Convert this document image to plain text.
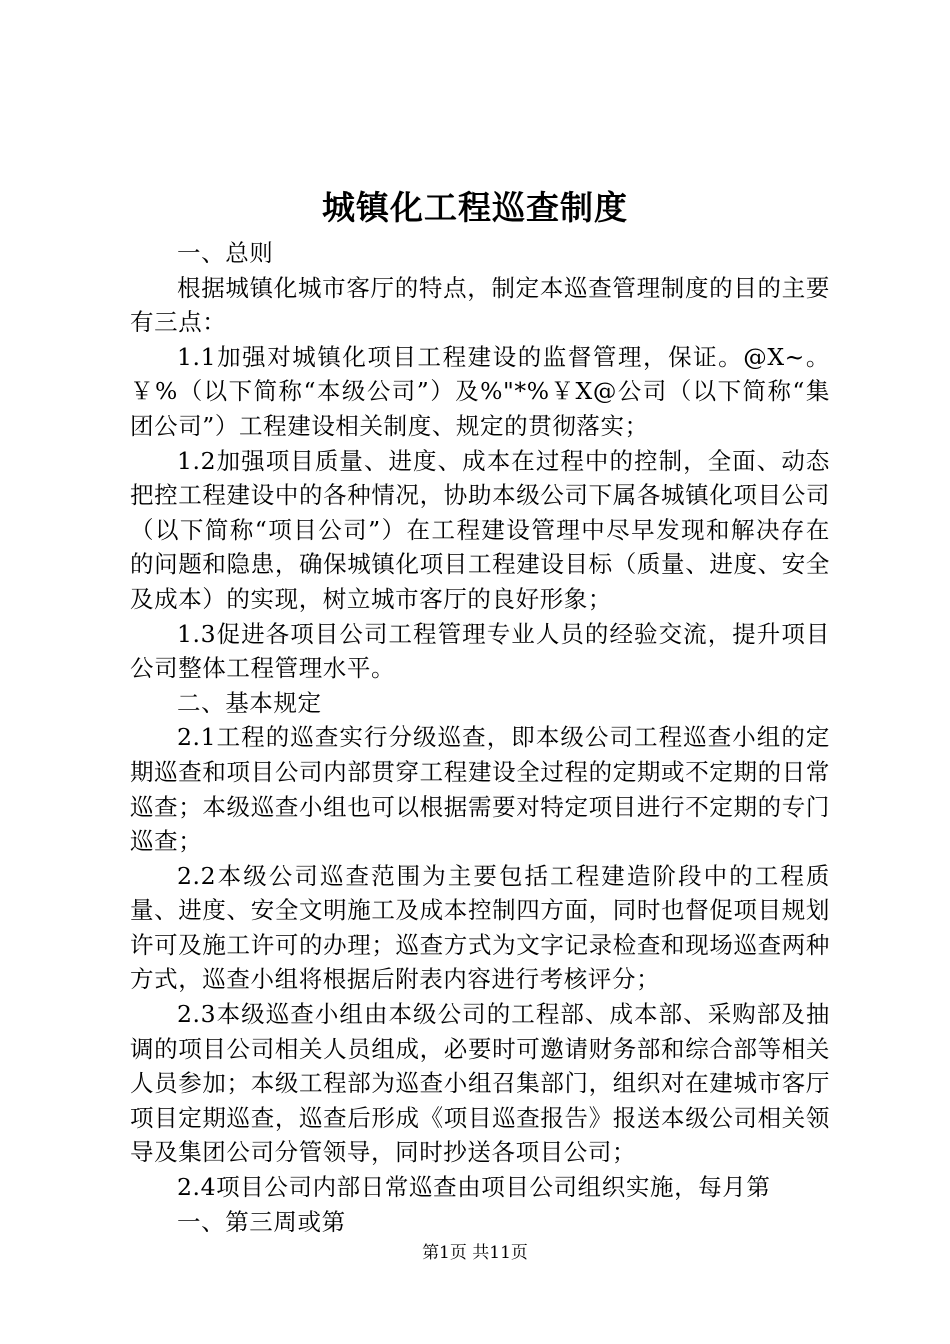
城镇化工程巡查制度

一、总则

根据城镇化城市客厅的特点，制定本巡查管理制度的目的主要有三点：

1.1加强对城镇化项目工程建设的监督管理，保证。@X~。￥%（以下简称“本级公司”）及%"*%￥X@公司（以下简称“集团公司”）工程建设相关制度、规定的贯彻落实；

1.2加强项目质量、进度、成本在过程中的控制，全面、动态把控工程建设中的各种情况，协助本级公司下属各城镇化项目公司（以下简称“项目公司”）在工程建设管理中尽早发现和解决存在的问题和隐患，确保城镇化项目工程建设目标（质量、进度、安全及成本）的实现，树立城市客厅的良好形象；

1.3促进各项目公司工程管理专业人员的经验交流，提升项目公司整体工程管理水平。

二、基本规定

2.1工程的巡查实行分级巡查，即本级公司工程巡查小组的定期巡查和项目公司内部贯穿工程建设全过程的定期或不定期的日常巡查；本级巡查小组也可以根据需要对特定项目进行不定期的专门巡查；

2.2本级公司巡查范围为主要包括工程建造阶段中的工程质量、进度、安全文明施工及成本控制四方面，同时也督促项目规划许可及施工许可的办理；巡查方式为文字记录检查和现场巡查两种方式，巡查小组将根据后附表内容进行考核评分；

2.3本级巡查小组由本级公司的工程部、成本部、采购部及抽调的项目公司相关人员组成，必要时可邀请财务部和综合部等相关人员参加；本级工程部为巡查小组召集部门，组织对在建城市客厅项目定期巡查，巡查后形成《项目巡查报告》报送本级公司相关领导及集团公司分管领导，同时抄送各项目公司；

2.4项目公司内部日常巡查由项目公司组织实施，每月第

一、第三周或第

第1页 共11页
